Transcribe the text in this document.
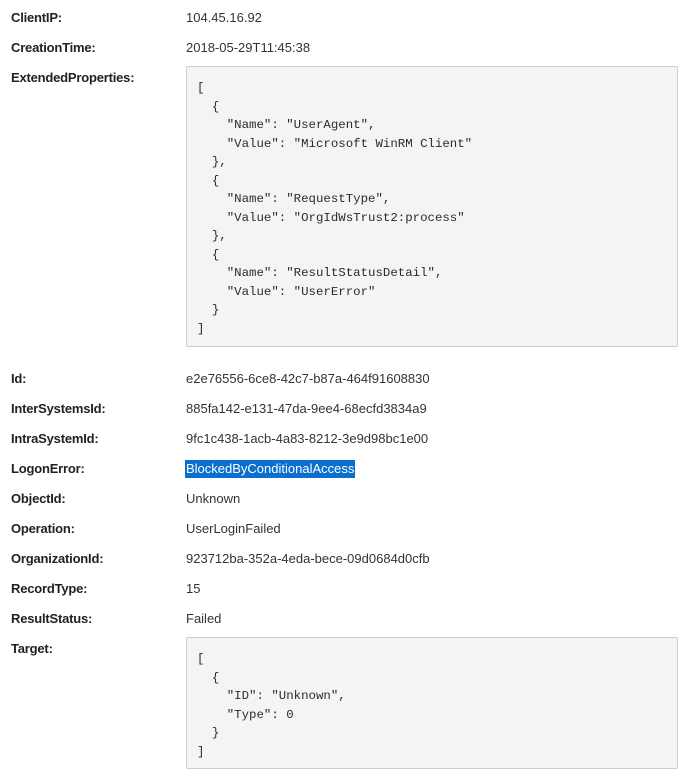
ClientIP:	104.45.16.92
CreationTime:	2018-05-29T11:45:38
ExtendedProperties:
[
{
"Name": "UserAgent",
"Value": "Microsoft WinRM Client"
},
{
"Name": "RequestType",
"Value": "OrgIdWsTrust2:process"
},
{
"Name": "ResultStatusDetail",
"Value": "UserError"
}
]
Id:	e2e76556-6ce8-42c7-b87a-464f91608830
InterSystemsId:	885fa142-e131-47da-9ee4-68ecfd3834a9
IntraSystemId:	9fc1c438-1acb-4a83-8212-3e9d98bc1e00
LogonError:	BlockedByConditionalAccess
ObjectId:	Unknown
Operation:	UserLoginFailed
OrganizationId:	923712ba-352a-4eda-bece-09d0684d0cfb
RecordType:	15
ResultStatus:	Failed
Target:
[
{
"ID": "Unknown",
"Type": 0
}
]
